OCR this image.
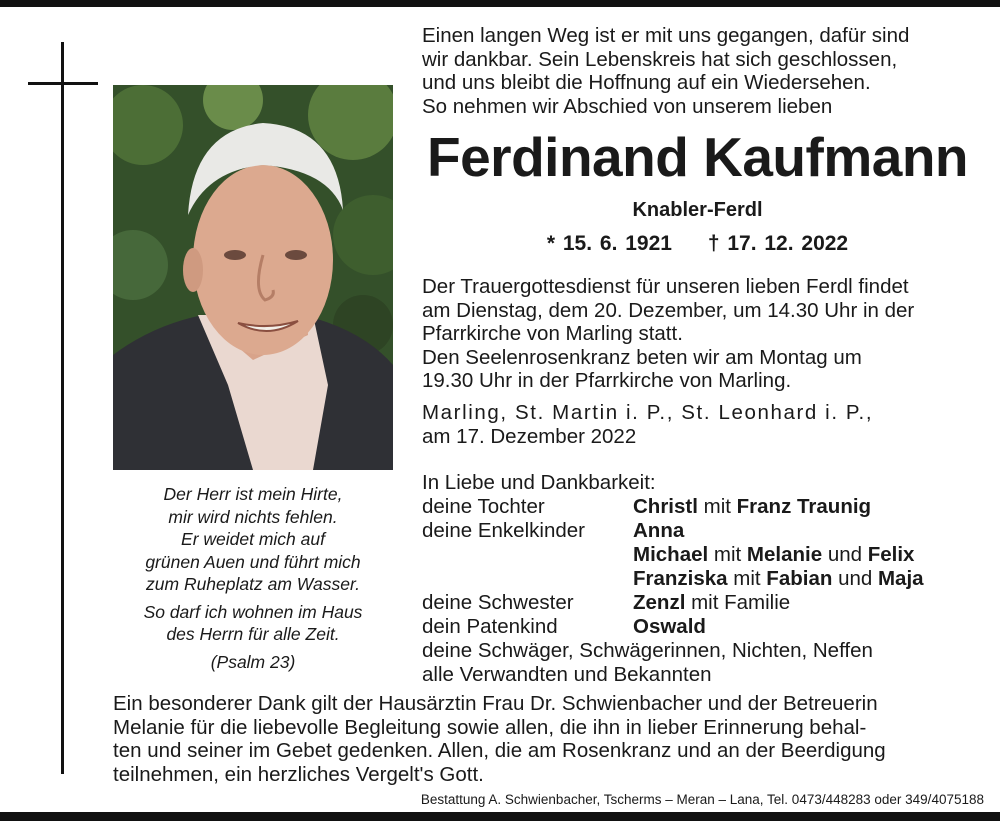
Der Herr ist mein Hirte,

mir wird nichts fehlen.

Er weidet mich auf

grünen Auen und führt mich

zum Ruheplatz am Wasser.

So darf ich wohnen im Haus

des Herrn für alle Zeit.

(Psalm 23)

Einen langen Weg ist er mit uns gegangen, dafür sind

wir dankbar. Sein Lebenskreis hat sich geschlossen,

und uns bleibt die Hoffnung auf ein Wiedersehen.

So nehmen wir Abschied von unserem lieben

Ferdinand Kaufmann
Knabler-Ferdl
* 15. 6. 1921 † 17. 12. 2022

Der Trauergottesdienst für unseren lieben Ferdl findet

am Dienstag, dem 20. Dezember, um 14.30 Uhr in der

Pfarrkirche von Marling statt.

Den Seelenrosenkranz beten wir am Montag um

19.30 Uhr in der Pfarrkirche von Marling.

Marling, St. Martin i. P., St. Leonhard i. P.,
am 17. Dezember 2022
In Liebe und Dankbarkeit:
deine Tochter	Christl mit Franz Traunig
deine Enkelkinder	Anna
Michael mit Melanie und Felix
Franziska mit Fabian und Maja
deine Schwester	Zenzl mit Familie
dein Patenkind	Oswald
deine Schwäger, Schwägerinnen, Nichten, Neffen
alle Verwandten und Bekannten

Ein besonderer Dank gilt der Hausärztin Frau Dr. Schwienbacher und der Betreuerin

Melanie für die liebevolle Begleitung sowie allen, die ihn in lieber Erinnerung behal-

ten und seiner im Gebet gedenken. Allen, die am Rosenkranz und an der Beerdigung

teilnehmen, ein herzliches Vergelt's Gott.

Bestattung A. Schwienbacher, Tscherms – Meran – Lana, Tel. 0473/448283 oder 349/4075188
